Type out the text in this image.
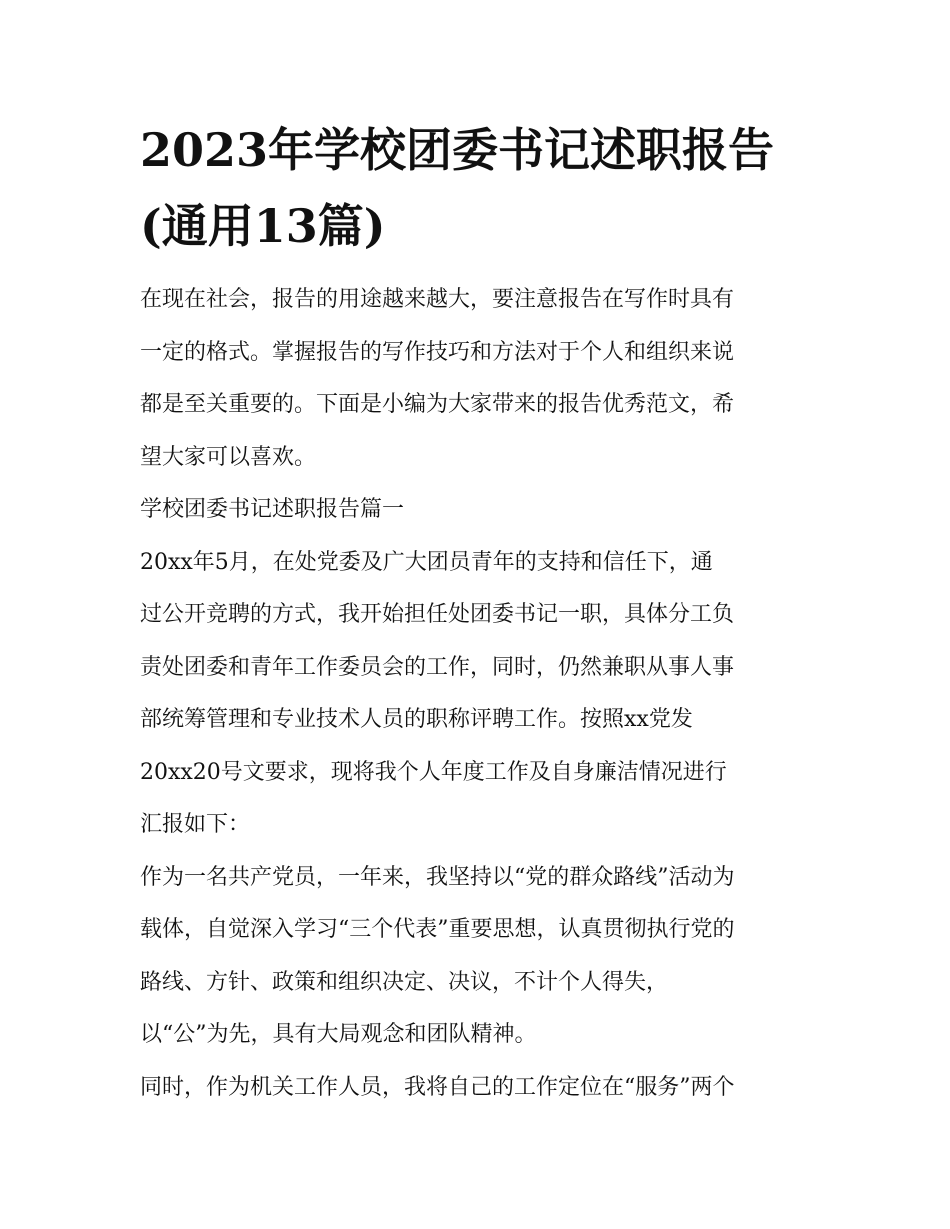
2023年学校团委书记述职报告
(通用13篇)
在现在社会，报告的用途越来越大，要注意报告在写作时具有
一定的格式。掌握报告的写作技巧和方法对于个人和组织来说
都是至关重要的。下面是小编为大家带来的报告优秀范文，希
望大家可以喜欢。
学校团委书记述职报告篇一
20xx年5月，在处党委及广大团员青年的支持和信任下，通
过公开竞聘的方式，我开始担任处团委书记一职，具体分工负
责处团委和青年工作委员会的工作，同时，仍然兼职从事人事
部统筹管理和专业技术人员的职称评聘工作。按照xx党发
20xx20号文要求，现将我个人年度工作及自身廉洁情况进行
汇报如下：
作为一名共产党员，一年来，我坚持以“党的群众路线”活动为
载体，自觉深入学习“三个代表”重要思想，认真贯彻执行党的
路线、方针、政策和组织决定、决议，不计个人得失，
以“公”为先，具有大局观念和团队精神。
同时，作为机关工作人员，我将自己的工作定位在“服务”两个
